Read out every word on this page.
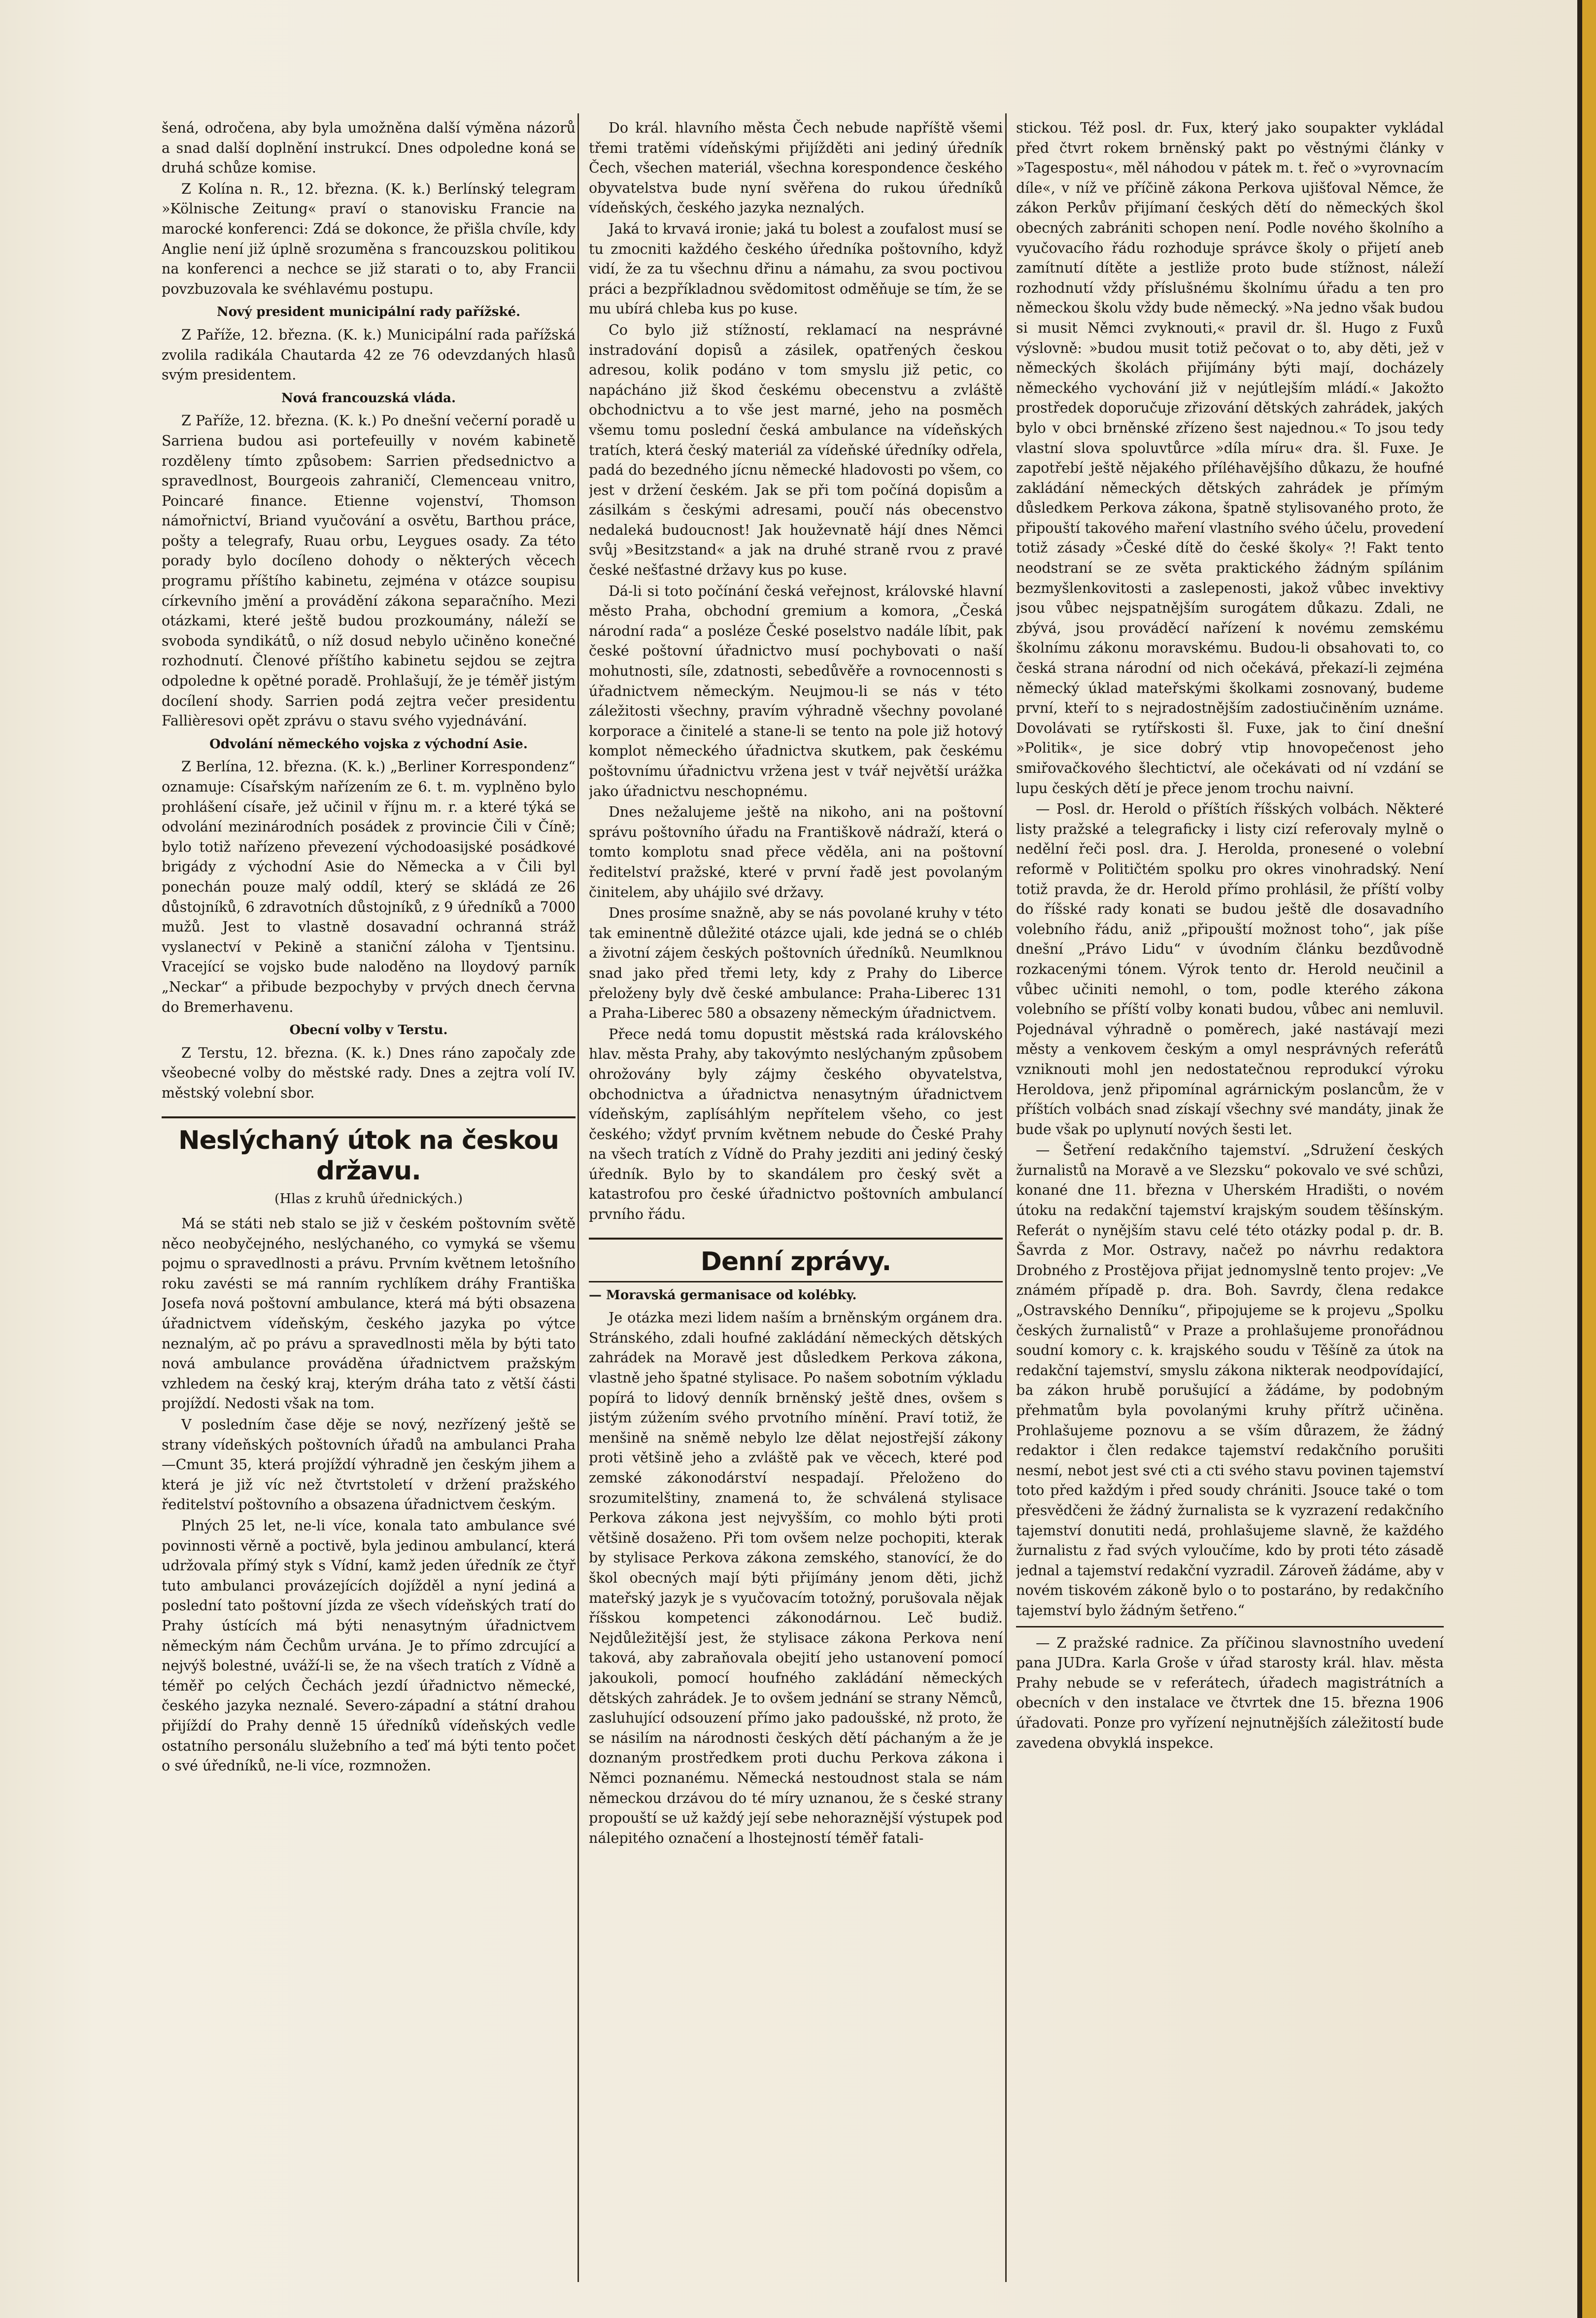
šená, odročena, aby byla umožněna další výměna názorů a snad další doplnění instrukcí. Dnes odpoledne koná se druhá schůze komise.

Z Kolína n. R., 12. března. (K. k.) Berlínský telegram »Kölnische Zeitung« praví o stanovisku Francie na marocké konferenci: Zdá se dokonce, že přišla chvíle, kdy Anglie není již úplně srozuměna s francouzskou politikou na konferenci a nechce se již starati o to, aby Francii povzbuzovala ke svéhlavému postupu.

Nový president municipální rady pařížské.

Z Paříže, 12. března. (K. k.) Municipální rada pařížská zvolila radikála Chautarda 42 ze 76 odevzdaných hlasů svým presidentem.

Nová francouzská vláda.

Z Paříže, 12. března. (K. k.) Po dnešní večerní poradě u Sarriena budou asi portefeuilly v novém kabinetě rozděleny tímto způsobem: Sarrien předsednictvo a spravedlnost, Bourgeois zahraničí, Clemenceau vnitro, Poincaré finance. Etienne vojenství, Thomson námořnictví, Briand vyučování a osvětu, Barthou práce, pošty a telegrafy, Ruau orbu, Leygues osady. Za této porady bylo docíleno dohody o některých věcech programu příštího kabinetu, zejména v otázce soupisu církevního jmění a provádění zákona separačního. Mezi otázkami, které ještě budou prozkoumány, náleží se svoboda syndikátů, o níž dosud nebylo učiněno konečné rozhodnutí. Členové příštího kabinetu sejdou se zejtra odpoledne k opětné poradě. Prohlašují, že je téměř jistým docílení shody. Sarrien podá zejtra večer presidentu Fallièresovi opět zprávu o stavu svého vyjednávání.

Odvolání německého vojska z východní Asie.

Z Berlína, 12. března. (K. k.) „Berliner Korrespondenz“ oznamuje: Císařským nařízením ze 6. t. m. vyplněno bylo prohlášení císaře, jež učinil v říjnu m. r. a které týká se odvolání mezinárodních posádek z provincie Čili v Číně; bylo totiž nařízeno převezení východoasijské posádkové brigády z východní Asie do Německa a v Čili byl ponechán pouze malý oddíl, který se skládá ze 26 důstojníků, 6 zdravotních důstojníků, z 9 úředníků a 7000 mužů. Jest to vlastně dosavadní ochranná stráž vyslanectví v Pekině a staniční záloha v Tjentsinu. Vracející se vojsko bude naloděno na lloydový parník „Neckar“ a přibude bezpochyby v prvých dnech června do Bremerhavenu.

Obecní volby v Terstu.

Z Terstu, 12. března. (K. k.) Dnes ráno započaly zde všeobecné volby do městské rady. Dnes a zejtra volí IV. městský volební sbor.

Neslýchaný útok na českou državu.
(Hlas z kruhů úřednických.)

Má se státi neb stalo se již v českém poštovním světě něco neobyčejného, neslýchaného, co vymyká se všemu pojmu o spravedlnosti a právu. Prvním květnem letošního roku zavésti se má ranním rychlíkem dráhy Františka Josefa nová poštovní ambulance, která má býti obsazena úřadnictvem vídeňským, českého jazyka po výtce neznalým, ač po právu a spravedlnosti měla by býti tato nová ambulance prováděna úřadnictvem pražským vzhledem na český kraj, kterým dráha tato z větší části projíždí. Nedosti však na tom.

V posledním čase děje se nový, nezřízený ještě se strany vídeňských poštovních úřadů na ambulanci Praha—Cmunt 35, která projíždí výhradně jen českým jihem a která je již víc než čtvrtstoletí v držení pražského ředitelství poštovního a obsazena úřadnictvem českým.

Plných 25 let, ne-li více, konala tato ambulance své povinnosti věrně a poctivě, byla jedinou ambulancí, která udržovala přímý styk s Vídní, kamž jeden úředník ze čtyř tuto ambulanci provázejících dojížděl a nyní jediná a poslední tato poštovní jízda ze všech vídeňských tratí do Prahy ústících má býti nenasytným úřadnictvem německým nám Čechům urvána. Je to přímo zdrcující a nejvýš bolestné, uváží-li se, že na všech tratích z Vídně a téměř po celých Čechách jezdí úřadnictvo německé, českého jazyka neznalé. Severo-západní a státní drahou přijíždí do Prahy denně 15 úředníků vídeňských vedle ostatního personálu služebního a teď má býti tento počet o své úředníků, ne-li více, rozmnožen.

Do král. hlavního města Čech nebude napříště všemi třemi tratěmi vídeňskými přijížděti ani jediný úředník Čech, všechen materiál, všechna korespondence českého obyvatelstva bude nyní svěřena do rukou úředníků vídeňských, českého jazyka neznalých.

Jaká to krvavá ironie; jaká tu bolest a zoufalost musí se tu zmocniti každého českého úředníka poštovního, když vidí, že za tu všechnu dřinu a námahu, za svou poctivou práci a bezpříkladnou svědomitost odměňuje se tím, že se mu ubírá chleba kus po kuse.

Co bylo již stížností, reklamací na nesprávné instradování dopisů a zásilek, opatřených českou adresou, kolik podáno v tom smyslu již petic, co napácháno již škod českému obecenstvu a zvláště obchodnictvu a to vše jest marné, jeho na posměch všemu tomu poslední česká ambulance na vídeňských tratích, která český materiál za vídeňské úředníky odřela, padá do bezedného jícnu německé hladovosti po všem, co jest v držení českém. Jak se při tom počíná dopisům a zásilkám s českými adresami, poučí nás obecenstvo nedaleká budoucnost! Jak houževnatě hájí dnes Němci svůj »Besitzstand« a jak na druhé straně rvou z pravé české nešťastné državy kus po kuse.

Dá-li si toto počínání česká veřejnost, královské hlavní město Praha, obchodní gremium a komora, „Česká národní rada“ a posléze České poselstvo nadále líbit, pak české poštovní úřadnictvo musí pochybovati o naší mohutnosti, síle, zdatnosti, sebedůvěře a rovnocennosti s úřadnictvem německým. Neujmou-li se nás v této záležitosti všechny, pravím výhradně všechny povolané korporace a činitelé a stane-li se tento na pole již hotový komplot německého úřadnictva skutkem, pak českému poštovnímu úřadnictvu vržena jest v tvář největší urážka jako úřadnictvu neschopnému.

Dnes nežalujeme ještě na nikoho, ani na poštovní správu poštovního úřadu na Františkově nádraží, která o tomto komplotu snad přece věděla, ani na poštovní ředitelství pražské, které v první řadě jest povolaným činitelem, aby uhájilo své državy.

Dnes prosíme snažně, aby se nás povolané kruhy v této tak eminentně důležité otázce ujali, kde jedná se o chléb a životní zájem českých poštovních úředníků. Neumlknou snad jako před třemi lety, kdy z Prahy do Liberce přeloženy byly dvě české ambulance: Praha-Liberec 131 a Praha-Liberec 580 a obsazeny německým úřadnictvem.

Přece nedá tomu dopustit městská rada královského hlav. města Prahy, aby takovýmto neslýchaným způsobem ohrožovány byly zájmy českého obyvatelstva, obchodnictva a úřadnictva nenasytným úřadnictvem vídeňským, zaplísáhlým nepřítelem všeho, co jest českého; vždyť prvním květnem nebude do České Prahy na všech tratích z Vídně do Prahy jezditi ani jediný český úředník. Bylo by to skandálem pro český svět a katastrofou pro české úřadnictvo poštovních ambulancí prvního řádu.

Denní zprávy.
— Moravská germanisace od kolébky.

Je otázka mezi lidem naším a brněnským orgánem dra. Stránského, zdali houfné zakládání německých dětských zahrádek na Moravě jest důsledkem Perkova zákona, vlastně jeho špatné stylisace. Po našem sobotním výkladu popírá to lidový denník brněnský ještě dnes, ovšem s jistým zúžením svého prvotního mínění. Praví totiž, že menšině na sněmě nebylo lze dělat nejostřejší zákony proti většině jeho a zvláště pak ve věcech, které pod zemské zákonodárství nespadají. Přeloženo do srozumitelštiny, znamená to, že schválená stylisace Perkova zákona jest nejvyšším, co mohlo býti proti většině dosaženo. Při tom ovšem nelze pochopiti, kterak by stylisace Perkova zákona zemského, stanovící, že do škol obecných mají býti přijímány jenom děti, jichž mateřský jazyk je s vyučovacím totožný, porušovala nějak říšskou kompetenci zákonodárnou. Leč budiž. Nejdůležitější jest, že stylisace zákona Perkova není taková, aby zabraňovala obejití jeho ustanovení pomocí jakoukoli, pomocí houfného zakládání německých dětských zahrádek. Je to ovšem jednání se strany Němců, zasluhující odsouzení přímo jako padoušské, nž proto, že se násilím na národnosti českých dětí páchaným a že je doznaným prostředkem proti duchu Perkova zákona i Němci poznanému. Německá nestoudnost stala se nám německou drzávou do té míry uznanou, že s české strany propouští se už každý její sebe nehoraznější výstupek pod nálepitého označení a lhostejností téměř fatali-

stickou. Též posl. dr. Fux, který jako soupakter vykládal před čtvrt rokem brněnský pakt po věstnými články v »Tagespostu«, měl náhodou v pátek m. t. řeč o »vyrovnacím díle«, v níž ve příčině zákona Perkova ujišťoval Němce, že zákon Perkův přijímaní českých dětí do německých škol obecných zabrániti schopen není. Podle nového školního a vyučovacího řádu rozhoduje správce školy o přijetí aneb zamítnutí dítěte a jestliže proto bude stížnost, náleží rozhodnutí vždy příslušnému školnímu úřadu a ten pro německou školu vždy bude německý. »Na jedno však budou si musit Němci zvyknouti,« pravil dr. šl. Hugo z Fuxů výslovně: »budou musit totiž pečovat o to, aby děti, jež v německých školách přijímány býti mají, docházely německého vychování již v nejútlejším mládí.« Jakožto prostředek doporučuje zřizování dětských zahrádek, jakých bylo v obci brněnské zřízeno šest najednou.« To jsou tedy vlastní slova spoluvtůrce »díla míru« dra. šl. Fuxe. Je zapotřebí ještě nějakého příléhavějšího důkazu, že houfné zakládání německých dětských zahrádek je přímým důsledkem Perkova zákona, špatně stylisovaného proto, že připouští takového maření vlastního svého účelu, provedení totiž zásady »České dítě do české školy« ?! Fakt tento neodstraní se ze světa praktického žádným spílánim bezmyšlenkovitosti a zaslepenosti, jakož vůbec invektivy jsou vůbec nejspatnějším surogátem důkazu. Zdali, ne zbývá, jsou prováděcí nařízení k novému zemskému školnímu zákonu moravskému. Budou-li obsahovati to, co česká strana národní od nich očekává, překazí-li zejména německý úklad mateřskými školkami zosnovaný, budeme první, kteří to s nejradostnějším zadostiučiněním uznáme. Dovolávati se rytířskosti šl. Fuxe, jak to činí dnešní »Politik«, je sice dobrý vtip hnovopečenost jeho smiřovačkového šlechtictví, ale očekávati od ní vzdání se lupu českých dětí je přece jenom trochu naivní.

— Posl. dr. Herold o příštích říšských volbách. Některé listy pražské a telegraficky i listy cizí referovaly mylně o nedělní řeči posl. dra. J. Herolda, pronesené o volební reformě v Političtém spolku pro okres vinohradský. Není totiž pravda, že dr. Herold přímo prohlásil, že příští volby do říšské rady konati se budou ještě dle dosavadního volebního řádu, aniž „připouští možnost toho“, jak píše dnešní „Právo Lidu“ v úvodním článku bezdůvodně rozkacenými tónem. Výrok tento dr. Herold neučinil a vůbec učiniti nemohl, o tom, podle kterého zákona volebního se příští volby konati budou, vůbec ani nemluvil. Pojednával výhradně o poměrech, jaké nastávají mezi městy a venkovem českým a omyl nesprávných referátů vzniknouti mohl jen nedostatečnou reprodukcí výroku Heroldova, jenž připomínal agrárnickým poslancům, že v příštích volbách snad získají všechny své mandáty, jinak že bude však po uplynutí nových šesti let.

— Šetření redakčního tajemství. „Sdružení českých žurnalistů na Moravě a ve Slezsku“ pokovalo ve své schůzi, konané dne 11. března v Uherském Hradišti, o novém útoku na redakční tajemství krajským soudem těšínským. Referát o nynějším stavu celé této otázky podal p. dr. B. Šavrda z Mor. Ostravy, načež po návrhu redaktora Drobného z Prostějova přijat jednomyslně tento projev: „Ve známém případě p. dra. Boh. Savrdy, člena redakce „Ostravského Denníku“, připojujeme se k projevu „Spolku českých žurnalistů“ v Praze a prohlašujeme pronořádnou soudní komory c. k. krajského soudu v Těšíně za útok na redakční tajemství, smyslu zákona nikterak neodpovídající, ba zákon hrubě porušující a žádáme, by podobným přehmatům byla povolanými kruhy přítrž učiněna. Prohlašujeme poznovu a se vším důrazem, že žádný redaktor i člen redakce tajemství redakčního porušiti nesmí, nebot jest své cti a cti svého stavu povinen tajemství toto před každým i před soudy chrániti. Jsouce také o tom přesvědčeni že žádný žurnalista se k vyzrazení redakčního tajemství donutiti nedá, prohlašujeme slavně, že každého žurnalistu z řad svých vyloučíme, kdo by proti této zásadě jednal a tajemství redakční vyzradil. Zároveň žádáme, aby v novém tiskovém zákoně bylo o to postaráno, by redakčního tajemství bylo žádným šetřeno.“

— Z pražské radnice. Za příčinou slavnostního uvedení pana JUDra. Karla Groše v úřad starosty král. hlav. města Prahy nebude se v referátech, úřadech magistrátních a obecních v den instalace ve čtvrtek dne 15. března 1906 úřadovati. Ponze pro vyřízení nejnutnějších záležitostí bude zavedena obvyklá inspekce.
